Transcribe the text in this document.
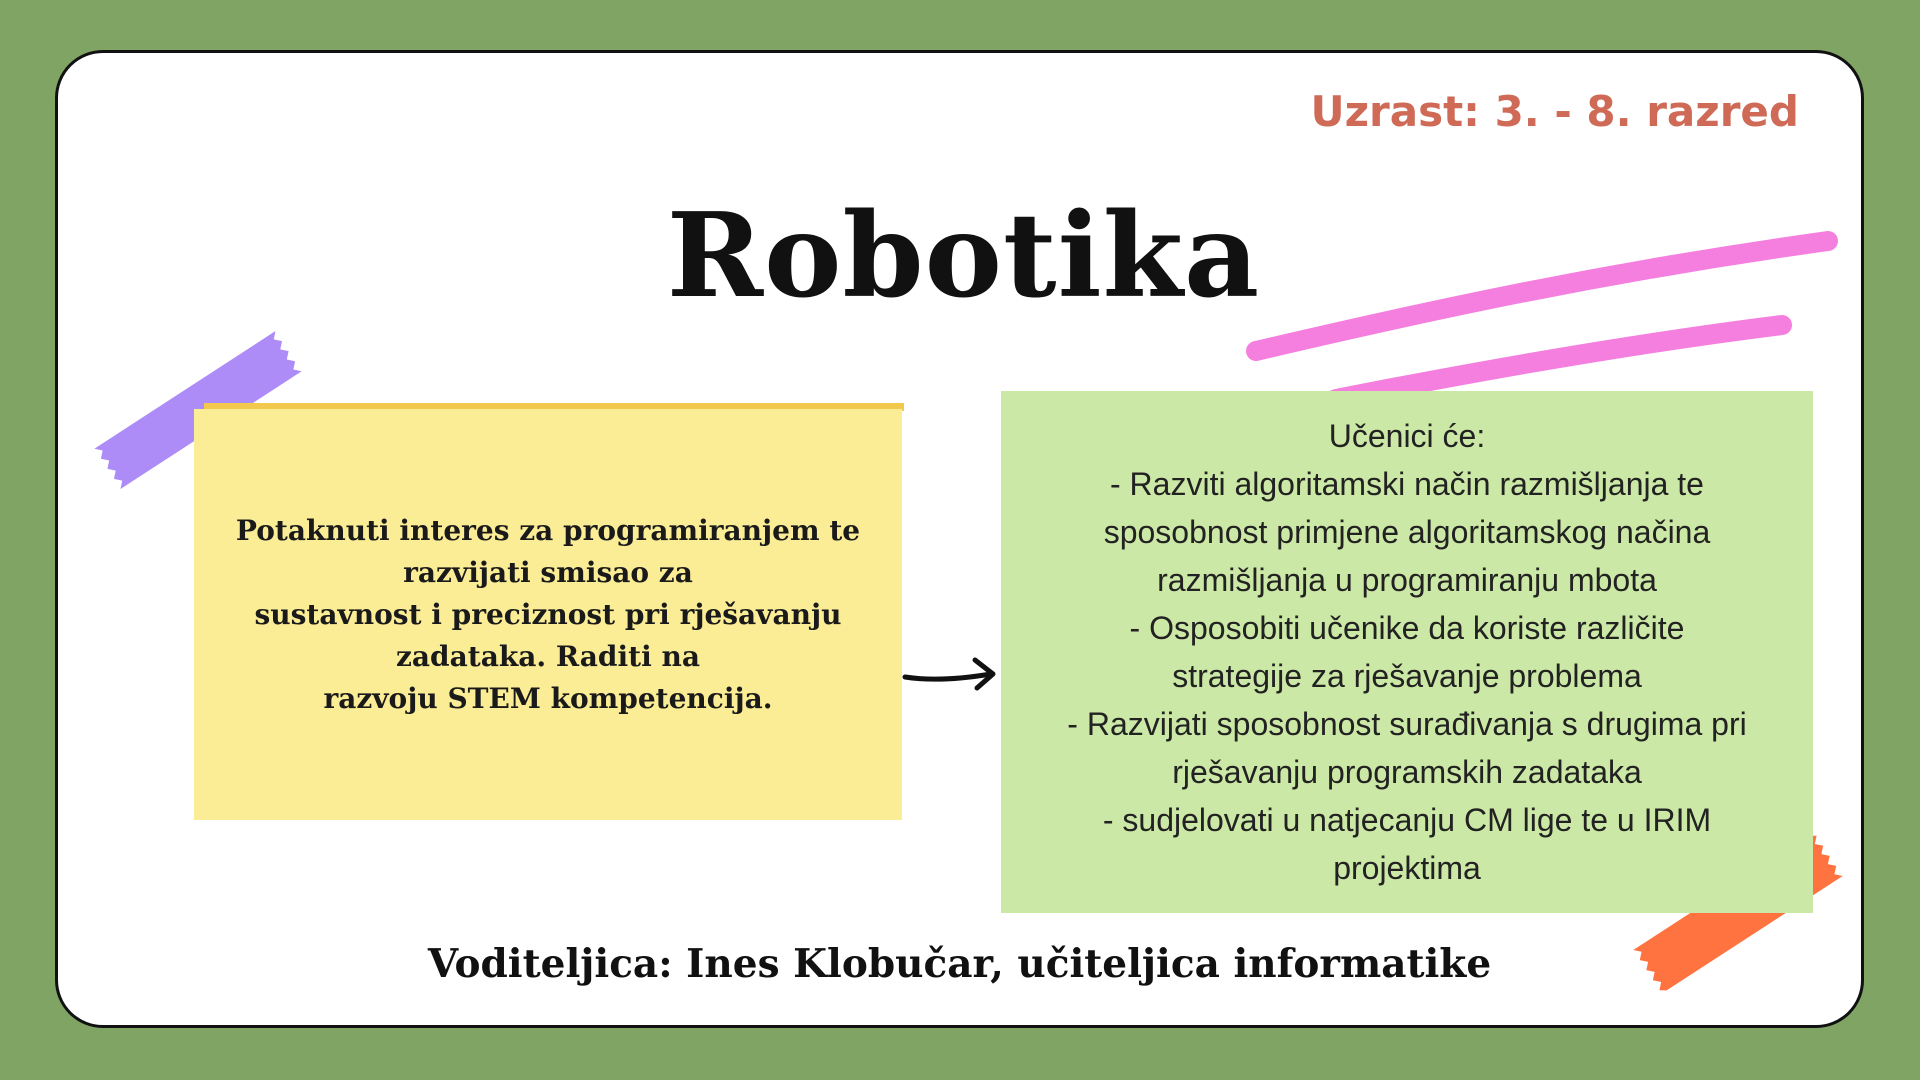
Uzrast: 3. - 8. razred
Robotika
Potaknuti interes za programiranjem te
razvijati smisao za
sustavnost i preciznost pri rješavanju
zadataka. Raditi na
razvoju STEM kompetencija.
Učenici će:
- Razviti algoritamski način razmišljanja te
sposobnost primjene algoritamskog načina
razmišljanja u programiranju mbota
- Osposobiti učenike da koriste različite
strategije za rješavanje problema
- Razvijati sposobnost surađivanja s drugima pri
rješavanju programskih zadataka
- sudjelovati u natjecanju CM lige te u IRIM
projektima
Voditeljica: Ines Klobučar, učiteljica informatike
